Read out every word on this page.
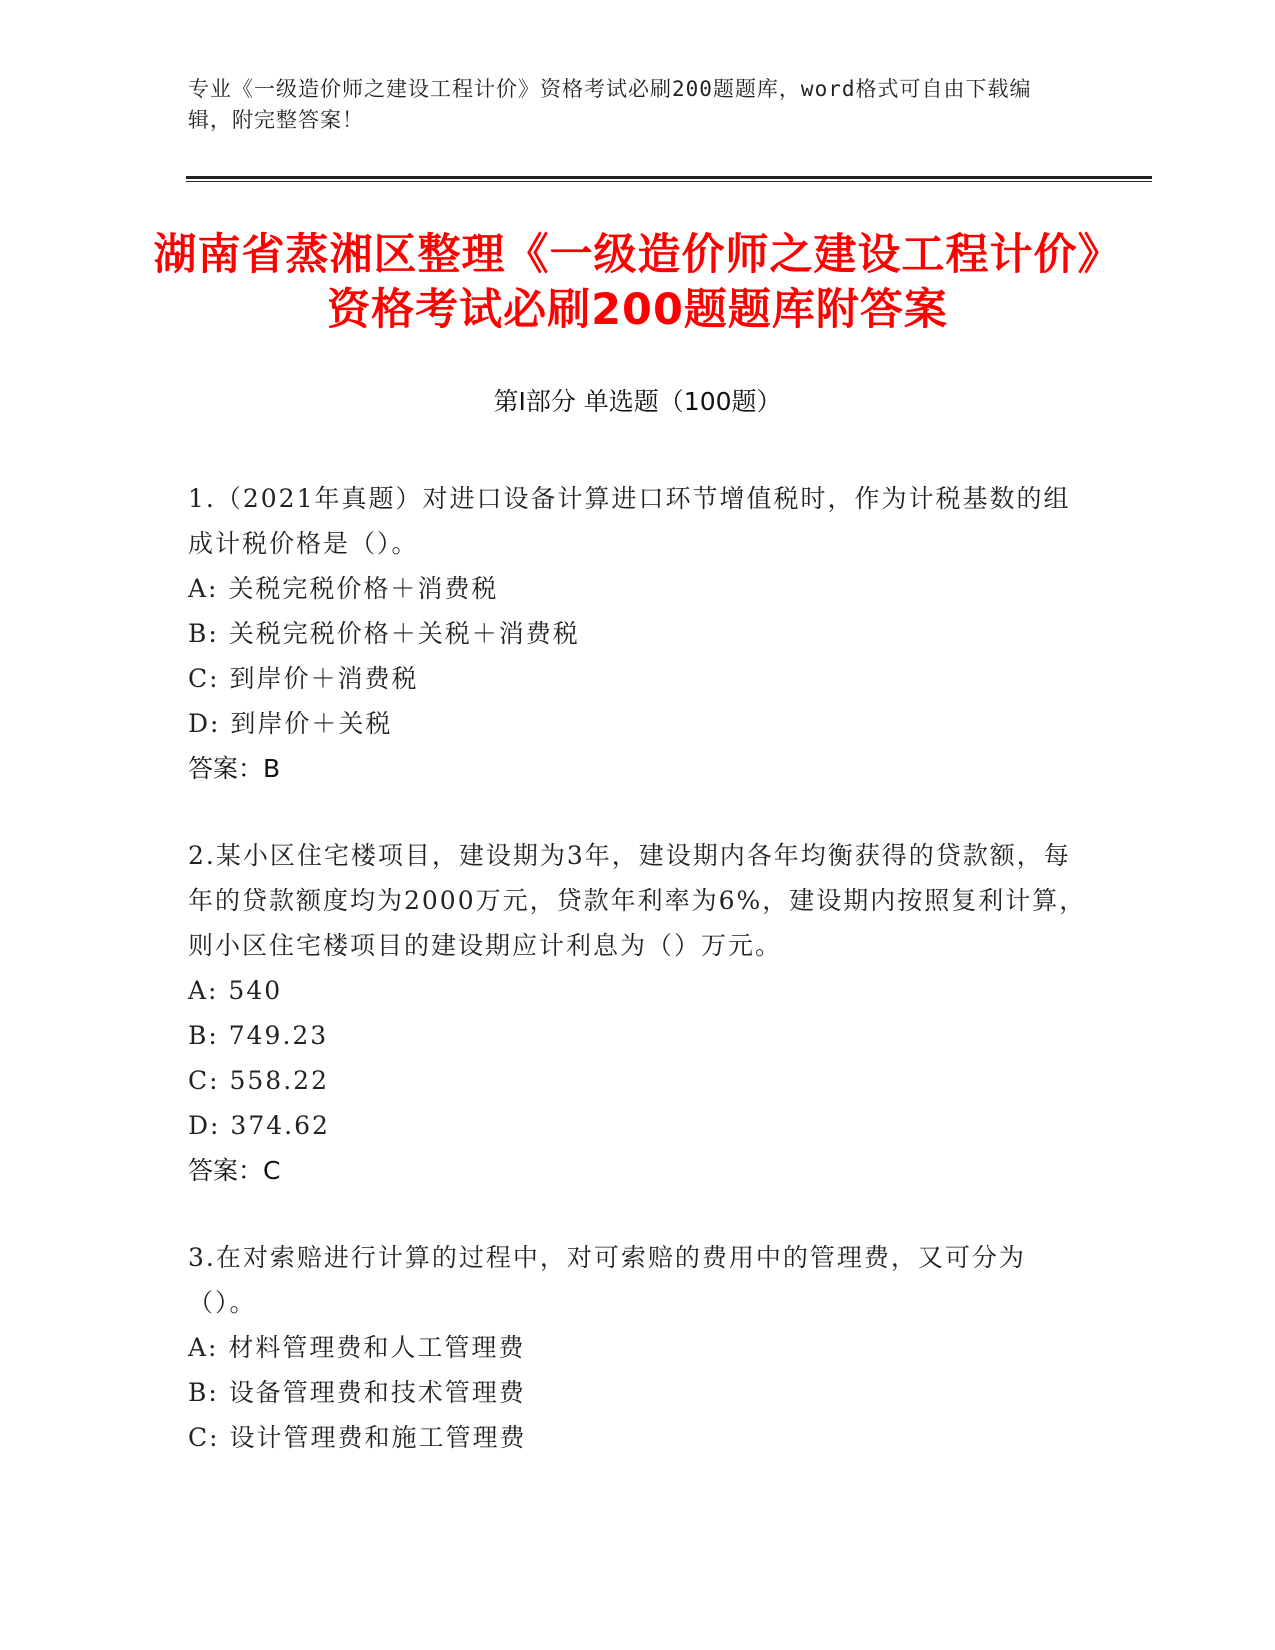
专业《一级造价师之建设工程计价》资格考试必刷200题题库，word格式可自由下载编辑，附完整答案！
湖南省蒸湘区整理《一级造价师之建设工程计价》资格考试必刷200题题库附答案
第I部分 单选题（100题）

1.（2021年真题）对进口设备计算进口环节增值税时，作为计税基数的组成计税价格是（）。

A: 关税完税价格＋消费税

B: 关税完税价格＋关税＋消费税

C: 到岸价＋消费税

D: 到岸价＋关税

答案：B

2.某小区住宅楼项目，建设期为3年，建设期内各年均衡获得的贷款额，每年的贷款额度均为2000万元，贷款年利率为6%，建设期内按照复利计算，则小区住宅楼项目的建设期应计利息为（）万元。

A: 540

B: 749.23

C: 558.22

D: 374.62

答案：C

3.在对索赔进行计算的过程中，对可索赔的费用中的管理费，又可分为（）。

A: 材料管理费和人工管理费

B: 设备管理费和技术管理费

C: 设计管理费和施工管理费
